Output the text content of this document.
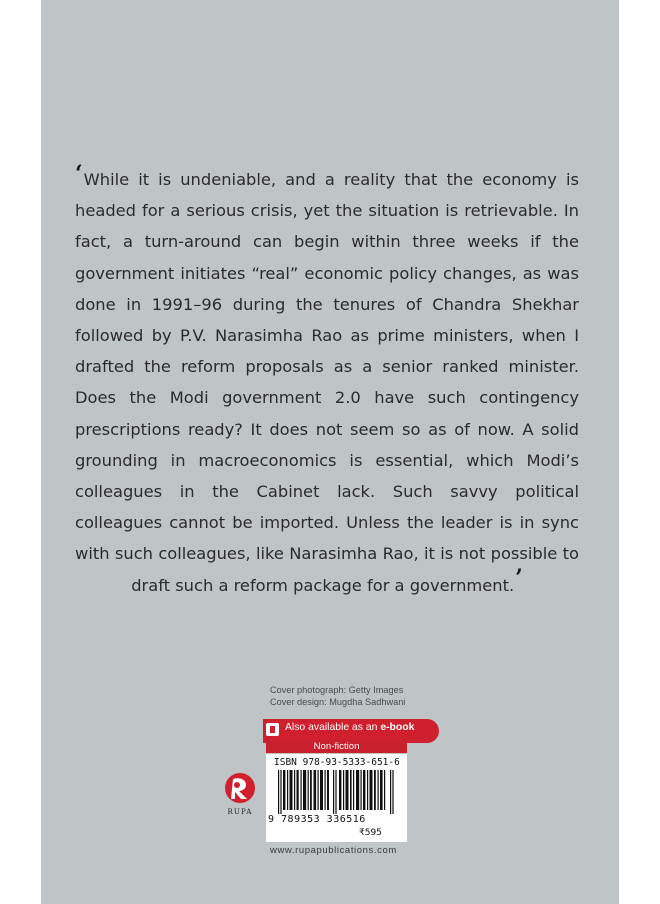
‘While it is undeniable, and a reality that the economy is headed for a serious crisis, yet the situation is retrievable. In fact, a turn-around can begin within three weeks if the government initiates “real” economic policy changes, as was done in 1991–96 during the tenures of Chandra Shekhar followed by P.V. Narasimha Rao as prime ministers, when I drafted the reform proposals as a senior ranked minister. Does the Modi government 2.0 have such contingency prescriptions ready? It does not seem so as of now. A solid grounding in macroeconomics is essential, which Modi’s colleagues in the Cabinet lack. Such savvy political colleagues cannot be imported. Unless the leader is in sync with such colleagues, like Narasimha Rao, it is not possible to draft such a reform package for a government.’

Cover photograph: Getty Images
Cover design: Mugdha Sadhwani
Also available as an e-book
Non-fiction
ISBN 978-93-5333-651-6
9 789353 336516
₹595
RUPA
www.rupapublications.com
